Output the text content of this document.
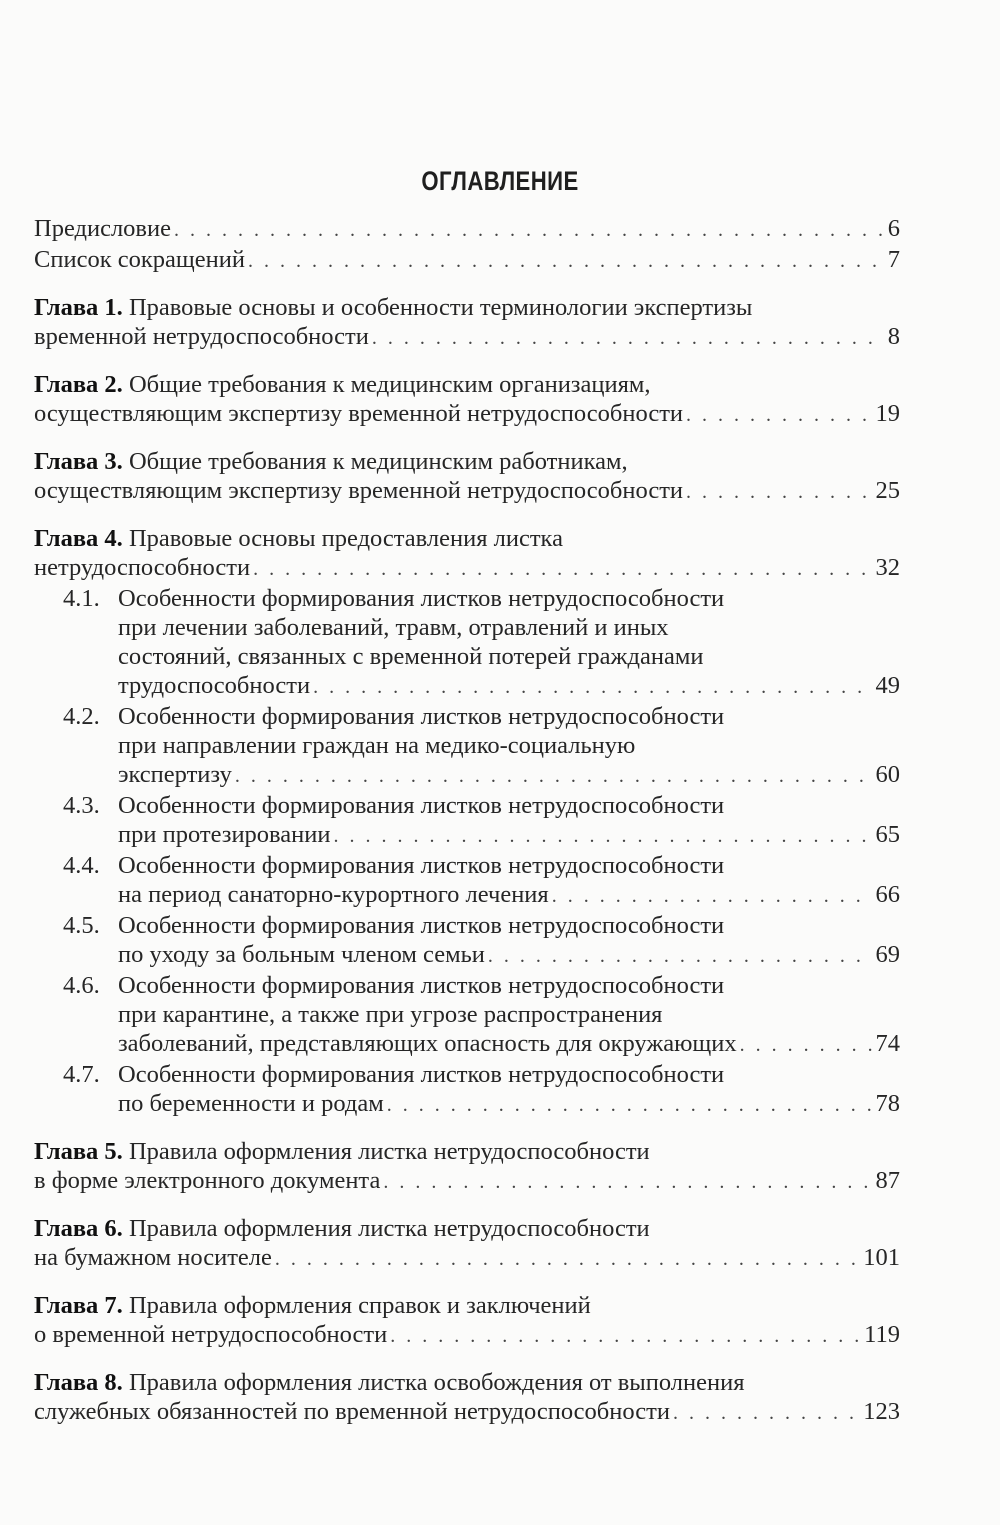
ОГЛАВЛЕНИЕ
Предисловие . . .	6
Список сокращений . . .	7
Глава 1. Правовые основы и особенности терминологии экспертизы
временной нетрудоспособности . . .	8
Глава 2. Общие требования к медицинским организациям,
осуществляющим экспертизу временной нетрудоспособности . . .	19
Глава 3. Общие требования к медицинским работникам,
осуществляющим экспертизу временной нетрудоспособности . . .	25
Глава 4. Правовые основы предоставления листка
нетрудоспособности . . .	32
4.1. Особенности формирования листков нетрудоспособности
при лечении заболеваний, травм, отравлений и иных
состояний, связанных с временной потерей гражданами
трудоспособности . . .	49
4.2. Особенности формирования листков нетрудоспособности
при направлении граждан на медико-социальную
экспертизу . . .	60
4.3. Особенности формирования листков нетрудоспособности
при протезировании . . .	65
4.4. Особенности формирования листков нетрудоспособности
на период санаторно-курортного лечения . . .	66
4.5. Особенности формирования листков нетрудоспособности
по уходу за больным членом семьи . . .	69
4.6. Особенности формирования листков нетрудоспособности
при карантине, а также при угрозе распространения
заболеваний, представляющих опасность для окружающих . . .	74
4.7. Особенности формирования листков нетрудоспособности
по беременности и родам . . .	78
Глава 5. Правила оформления листка нетрудоспособности
в форме электронного документа . . .	87
Глава 6. Правила оформления листка нетрудоспособности
на бумажном носителе . . .	101
Глава 7. Правила оформления справок и заключений
о временной нетрудоспособности . . .	119
Глава 8. Правила оформления листка освобождения от выполнения
служебных обязанностей по временной нетрудоспособности . . .	123
